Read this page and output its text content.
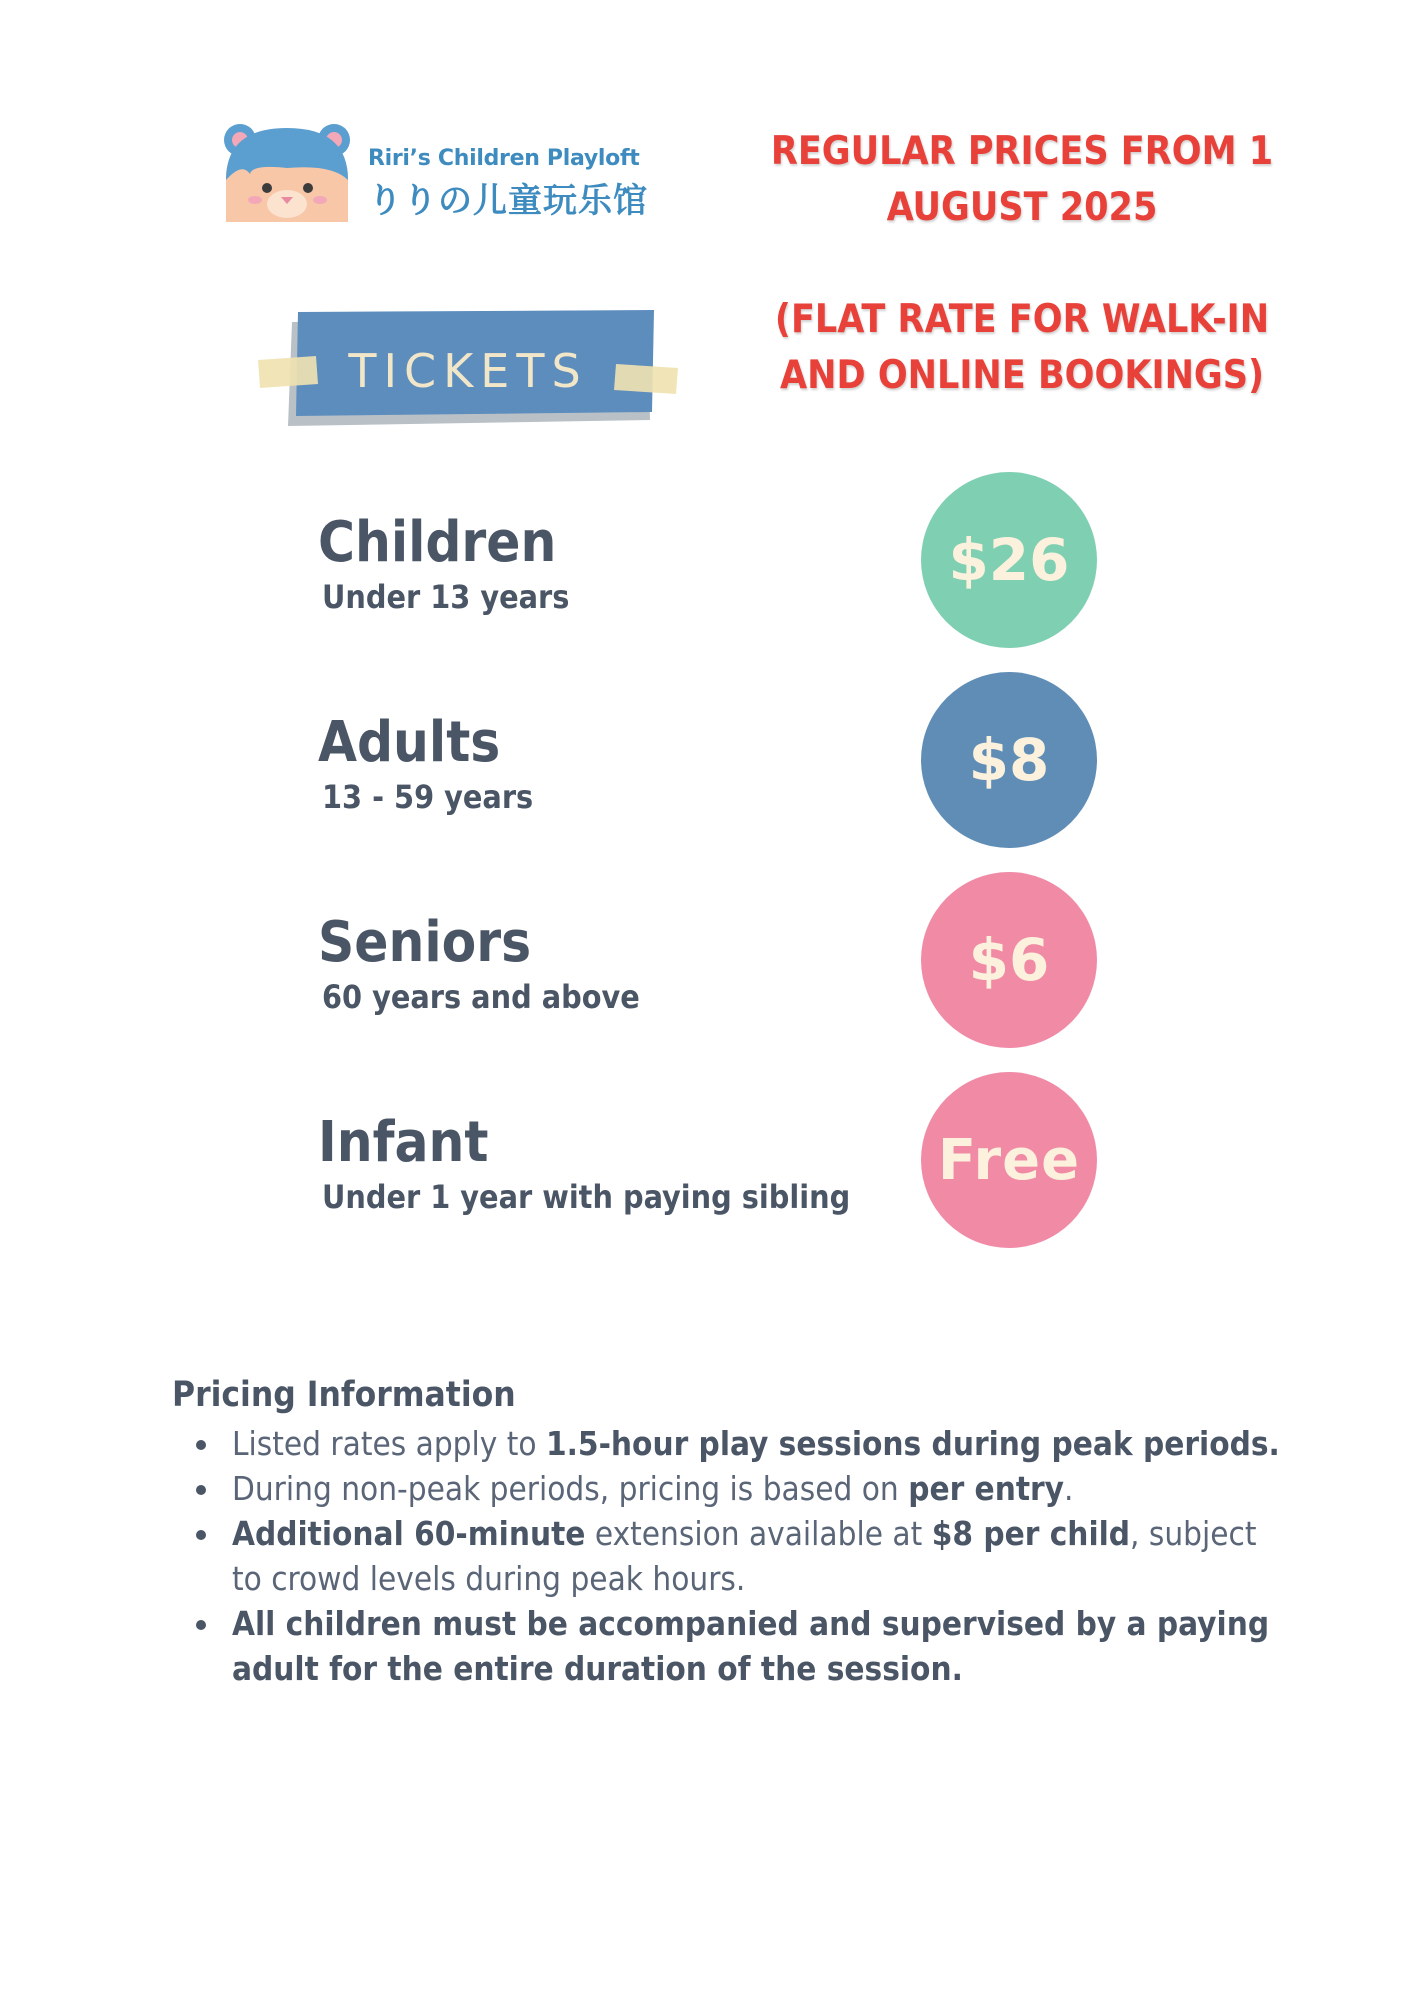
Riri’s Children Playloft
りりの儿童玩乐馆
REGULAR PRICES FROM 1
AUGUST 2025
(FLAT RATE FOR WALK-IN
AND ONLINE BOOKINGS)
TICKETS
Children
Under 13 years
$26
Adults
13 - 59 years
$8
Seniors
60 years and above
$6
Infant
Under 1 year with paying sibling
Free
Pricing Information
Listed rates apply to 1.5-hour play sessions during peak periods.
During non-peak periods, pricing is based on per entry.
Additional 60-minute extension available at $8 per child, subject to crowd levels during peak hours.
All children must be accompanied and supervised by a paying adult for the entire duration of the session.
